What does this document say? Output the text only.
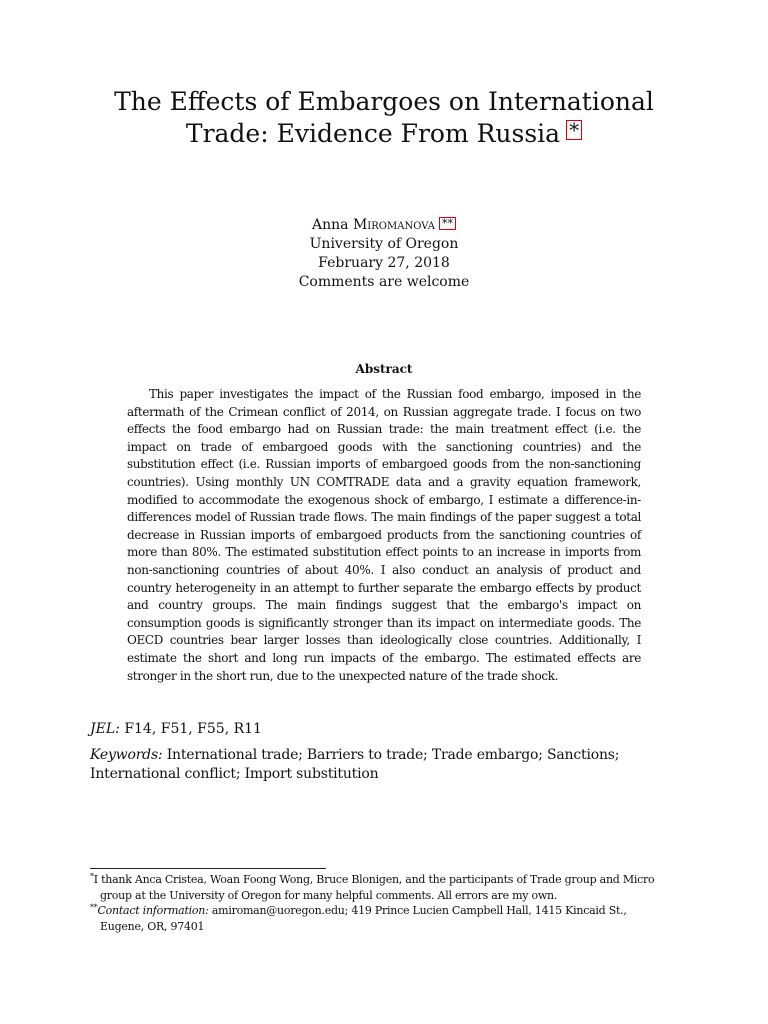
The Effects of Embargoes on International
Trade: Evidence From Russia *
Anna Miromanova **
University of Oregon
February 27, 2018
Comments are welcome
Abstract
This paper investigates the impact of the Russian food embargo, imposed in the aftermath of the Crimean conflict of 2014, on Russian aggregate trade. I focus on two effects the food embargo had on Russian trade: the main treatment effect (i.e. the impact on trade of embargoed goods with the sanctioning countries) and the substitution effect (i.e. Russian imports of embargoed goods from the non-sanctioning countries). Using monthly UN COMTRADE data and a gravity equation framework, modified to accommodate the exogenous shock of embargo, I estimate a difference-in-differences model of Russian trade flows. The main findings of the paper suggest a total decrease in Russian imports of embargoed products from the sanctioning countries of more than 80%. The estimated substitution effect points to an increase in imports from non-sanctioning countries of about 40%. I also conduct an analysis of product and country heterogeneity in an attempt to further separate the embargo effects by product and country groups. The main findings suggest that the embargo's impact on consumption goods is significantly stronger than its impact on intermediate goods. The OECD countries bear larger losses than ideologically close countries. Additionally, I estimate the short and long run impacts of the embargo. The estimated effects are stronger in the short run, due to the unexpected nature of the trade shock.
JEL: F14, F51, F55, R11
Keywords: International trade; Barriers to trade; Trade embargo; Sanctions; International conflict; Import substitution
*I thank Anca Cristea, Woan Foong Wong, Bruce Blonigen, and the participants of Trade group and Micro
group at the University of Oregon for many helpful comments. All errors are my own.
**Contact information: amiroman@uoregon.edu; 419 Prince Lucien Campbell Hall, 1415 Kincaid St.,
Eugene, OR, 97401
